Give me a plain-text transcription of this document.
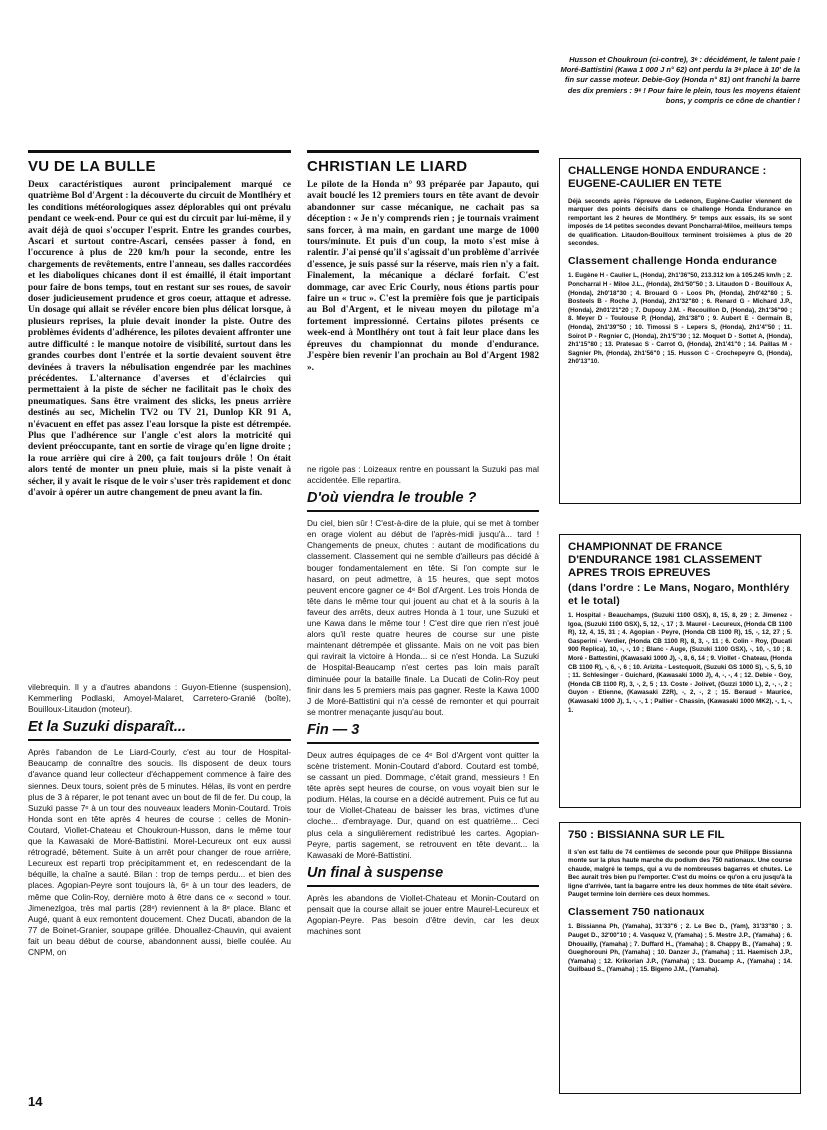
Husson et Choukroun (ci-contre), 3ᵉ : décidément, le talent paie ! Moré-Battistini (Kawa 1 000 J n° 62) ont perdu la 3ᵉ place à 10' de la fin sur casse moteur. Debie-Goy (Honda n° 81) ont franchi la barre des dix premiers : 9ᵉ ! Pour faire le plein, tous les moyens étaient bons, y compris ce cône de chantier !
VU DE LA BULLE

Deux caractéristiques auront principalement marqué ce quatrième Bol d'Argent : la découverte du circuit de Montlhéry et les conditions météorologiques assez déplorables qui ont prévalu pendant ce week-end. Pour ce qui est du circuit par lui-même, il y avait déjà de quoi s'occuper l'esprit. Entre les grandes courbes, Ascari et surtout contre-Ascari, censées passer à fond, en l'occurence à plus de 220 km/h pour la seconde, entre les chargements de revêtements, entre l'anneau, ses dalles raccordées et les diaboliques chicanes dont il est émaillé, il était important pour faire de bons temps, tout en restant sur ses roues, de savoir doser judicieusement prudence et gros coeur, attaque et adresse. Un dosage qui allait se révéler encore bien plus délicat lorsque, à plusieurs reprises, la pluie devait inonder la piste. Outre des problèmes évidents d'adhérence, les pilotes devaient affronter une autre difficulté : le manque notoire de visibilité, surtout dans les grandes courbes dont l'entrée et la sortie devaient souvent être devinées à travers la nébulisation engendrée par les machines précédentes. L'alternance d'averses et d'éclaircies qui permettaient à la piste de sécher ne facilitait pas le choix des pneumatiques. Sans être vraiment des slicks, les pneus arrière destinés au sec, Michelin TV2 ou TV 21, Dunlop KR 91 A, n'évacuent en effet pas assez l'eau lorsque la piste est détrempée. Plus que l'adhérence sur l'angle c'est alors la motricité qui devient préoccupante, tant en sortie de virage qu'en ligne droite ; la roue arrière qui cire à 200, ça fait toujours drôle ! On était alors tenté de monter un pneu pluie, mais si la piste venait à sécher, il y avait le risque de le voir s'user très rapidement et donc d'avoir à opérer un autre changement de pneu avant la fin.

CHRISTIAN LE LIARD

Le pilote de la Honda n° 93 préparée par Japauto, qui avait bouclé les 12 premiers tours en tête avant de devoir abandonner sur casse mécanique, ne cachait pas sa déception : « Je n'y comprends rien ; je tournais vraiment sans forcer, à ma main, en gardant une marge de 1000 tours/minute. Et puis d'un coup, la moto s'est mise à ralentir. J'ai pensé qu'il s'agissait d'un problème d'arrivée d'essence, je suis passé sur la réserve, mais rien n'y a fait. Finalement, la mécanique a déclaré forfait. C'est dommage, car avec Eric Courly, nous étions partis pour faire un « truc ». C'est la première fois que je participais au Bol d'Argent, et le niveau moyen du pilotage m'a fortement impressionné. Certains pilotes présents ce week-end à Montlhéry ont tout à fait leur place dans les épreuves du championnat du monde d'endurance. J'espère bien revenir l'an prochain au Bol d'Argent 1982 ».

vilebrequin. Il y a d'autres abandons : Guyon-Etienne (suspension), Kemmerling Podlaski, Amoyel-Malaret, Carretero-Granié (boîte), Bouilloux-Litaudon (moteur).

Et la Suzuki disparaît...

Après l'abandon de Le Liard-Courly, c'est au tour de Hospital-Beaucamp de connaître des soucis. Ils disposent de deux tours d'avance quand leur collecteur d'échappement commence à faire des siennes. Deux tours, soient près de 5 minutes. Hélas, ils vont en perdre plus de 3 à réparer, le pot tenant avec un bout de fil de fer. Du coup, la Suzuki passe 7ᵉ à un tour des nouveaux leaders Monin-Coutard. Trois Honda sont en tête après 4 heures de course : celles de Monin-Coutard, Viollet-Chateau et Choukroun-Husson, dans le même tour que la Kawasaki de Moré-Battistini. Morel-Lecureux ont eux aussi rétrogradé, bêtement. Suite à un arrêt pour changer de roue arrière, Lecureux est reparti trop précipitamment et, en redescendant de la béquille, la chaîne a sauté. Bilan : trop de temps perdu... et bien des places. Agopian-Peyre sont toujours là, 6ᵉ à un tour des leaders, de même que Colin-Roy, dernière moto à être dans ce « second » tour. Jimenezlgoa, très mal partis (28ᵉ) reviennent à la 8ᵉ place. Blanc et Augé, quant à eux remontent doucement. Chez Ducati, abandon de la 77 de Boinet-Granier, soupape grillée. Dhouallez-Chauvin, qui avaient fait un beau début de course, abandonnent aussi, bielle coulée. Au CNPM, on

ne rigole pas : Loizeaux rentre en poussant la Suzuki pas mal accidentée. Elle repartira.

D'où viendra le trouble ?

Du ciel, bien sûr ! C'est-à-dire de la pluie, qui se met à tomber en orage violent au début de l'après-midi jusqu'à... tard ! Changements de pneux, chutes : autant de modifications du classement. Classement qui ne semble d'ailleurs pas décidé à bouger fondamentalement en tête. Si l'on compte sur le hasard, on peut admettre, à 15 heures, que sept motos peuvent encore gagner ce 4ᵉ Bol d'Argent. Les trois Honda de tête dans le même tour qui jouent au chat et à la souris à la faveur des arrêts, deux autres Honda à 1 tour, une Suzuki et une Kawa dans le même tour ! C'est dire que rien n'est joué alors qu'il reste quatre heures de course sur une piste maintenant détrempée et glissante. Mais on ne voit pas bien qui ravirait la victoire à Honda... si ce n'est Honda. La Suzuki de Hospital-Beaucamp n'est certes pas loin mais paraît diminuée pour la bataille finale. La Ducati de Colin-Roy peut finir dans les 5 premiers mais pas gagner. Reste la Kawa 1000 J de Moré-Battistini qui n'a cessé de remonter et qui pourrait se montrer menaçante jusqu'au bout.

Fin — 3

Deux autres équipages de ce 4ᵉ Bol d'Argent vont quitter la scène tristement. Monin-Coutard d'abord. Coutard est tombé, se cassant un pied. Dommage, c'était grand, messieurs ! En tête après sept heures de course, on vous voyait bien sur le podium. Hélas, la course en a décidé autrement. Puis ce fut au tour de Viollet-Chateau de baisser les bras, victimes d'une cloche... d'embrayage. Dur, quand on est quatrième... Ceci plus cela a singulièrement redistribué les cartes. Agopian-Peyre, partis sagement, se retrouvent en tête devant... la Kawasaki de Moré-Battistini.

Un final à suspense

Après les abandons de Viollet-Chateau et Monin-Coutard on pensait que la course allait se jouer entre Maurel-Lecureux et Agopian-Peyre. Pas besoin d'être devin, car les deux machines sont

CHALLENGE HONDA ENDURANCE : EUGENE-CAULIER EN TETE

Déjà seconds après l'épreuve de Ledenon, Eugène-Caulier viennent de marquer des points décisifs dans ce challenge Honda Endurance en remportant les 2 heures de Montlhéry. 5ᵉ temps aux essais, ils se sont imposés de 14 petites secondes devant Poncharral-Miloe, meilleurs temps de qualification. Litaudon-Bouilloux terminent troisièmes à plus de 20 secondes.

Classement challenge Honda endurance

1. Eugène H - Caulier L, (Honda), 2h1'36"50, 213.312 km à 105.245 km/h ; 2. Poncharral H - Miloe J.L., (Honda), 2h1'50"50 ; 3. Litaudon D - Bouilloux A, (Honda), 2h0'18"30 ; 4. Brouard G - Loos Ph, (Honda), 2h0'42"80 ; 5. Bosteels B - Roche J, (Honda), 2h1'32"80 ; 6. Renard G - Michard J.P., (Honda), 2h01'21"20 ; 7. Dupouy J.M. - Recouillon D, (Honda), 2h1'36"90 ; 8. Meyer D - Toulouse P, (Honda), 2h1'38"0 ; 9. Aubert E - Germain B, (Honda), 2h1'39"50 ; 10. Timossi S - Lepers S, (Honda), 2h1'4"50 ; 11. Soirot P - Regnier C, (Honda), 2h1'5"30 ; 12. Moquet D - Sottet A, (Honda), 2h1'15"80 ; 13. Pratesac S - Carrot G, (Honda), 2h1'41"0 ; 14. Paillas M - Sagnier Ph, (Honda), 2h1'56"0 ; 15. Husson C - Crochepeyre G, (Honda), 2h0'13"10.

CHAMPIONNAT DE FRANCE D'ENDURANCE 1981 CLASSEMENT APRES TROIS EPREUVES
(dans l'ordre : Le Mans, Nogaro, Monthléry et le total)

1. Hospital - Beauchamps, (Suzuki 1100 GSX), 8, 15, 8, 29 ; 2. Jimenez - Igoa, (Suzuki 1100 GSX), 5, 12, -, 17 ; 3. Maurel - Lecureux, (Honda CB 1100 R), 12, 4, 15, 31 ; 4. Agopian - Peyre, (Honda CB 1100 R), 15, -, 12, 27 ; 5. Gasperini - Verdier, (Honda CB 1100 R), 8, 3, -, 11 ; 6. Colin - Roy, (Ducati 900 Replica), 10, -, -, 10 ; Blanc - Auge, (Suzuki 1100 GSX), -, 10, -, 10 ; 8. Moré - Battestini, (Kawasaki 1000 J), -, 8, 6, 14 ; 9. Viollet - Chateau, (Honda CB 1100 R), -, 6, -, 6 ; 10. Arizita - Lestcquoit, (Suzuki GS 1000 S), -, 5, 5, 10 ; 11. Schlesinger - Guichard, (Kawasaki 1000 J), 4, -, -, 4 ; 12. Debie - Goy, (Honda CB 1100 R), 3, -, 2, 5 ; 13. Coste - Jolivet, (Guzzi 1000 L), 2, -, -, 2 ; Guyon - Etienne, (Kawasaki Z2R), -, 2, -, 2 ; 15. Beraud - Maurice, (Kawasaki 1000 J), 1, -, -, 1 ; Pallier - Chassin, (Kawasaki 1000 MK2), -, 1, -, 1.

750 : BISSIANNA SUR LE FIL

Il s'en est fallu de 74 centièmes de seconde pour que Philippe Bissianna monte sur la plus haute marche du podium des 750 nationaux. Une course chaude, malgré le temps, qui a vu de nombreuses bagarres et chutes. Le Bec aurait très bien pu l'emporter. C'est du moins ce qu'on a cru jusqu'à la ligne d'arrivée, tant la bagarre entre les deux hommes de tête était sévère. Pauget termine loin derrière ces deux hommes.

Classement 750 nationaux

1. Bissianna Ph, (Yamaha), 31'33"6 ; 2. Le Bec D., (Yam), 31'33"80 ; 3. Pauget D., 32'00"10 ; 4. Vasquez V, (Yamaha) ; 5. Mestre J.P., (Yamaha) ; 6. Dhouailly, (Yamaha) ; 7. Duffard H., (Yamaha) ; 8. Chappy B., (Yamaha) ; 9. Gueghorouni Ph, (Yamaha) ; 10. Danzer J., (Yamaha) ; 11. Haemisch J.P., (Yamaha) ; 12. Krikorian J.P., (Yamaha) ; 13. Ducamp A., (Yamaha) ; 14. Guilbaud S., (Yamaha) ; 15. Bigeno J.M., (Yamaha).

14
